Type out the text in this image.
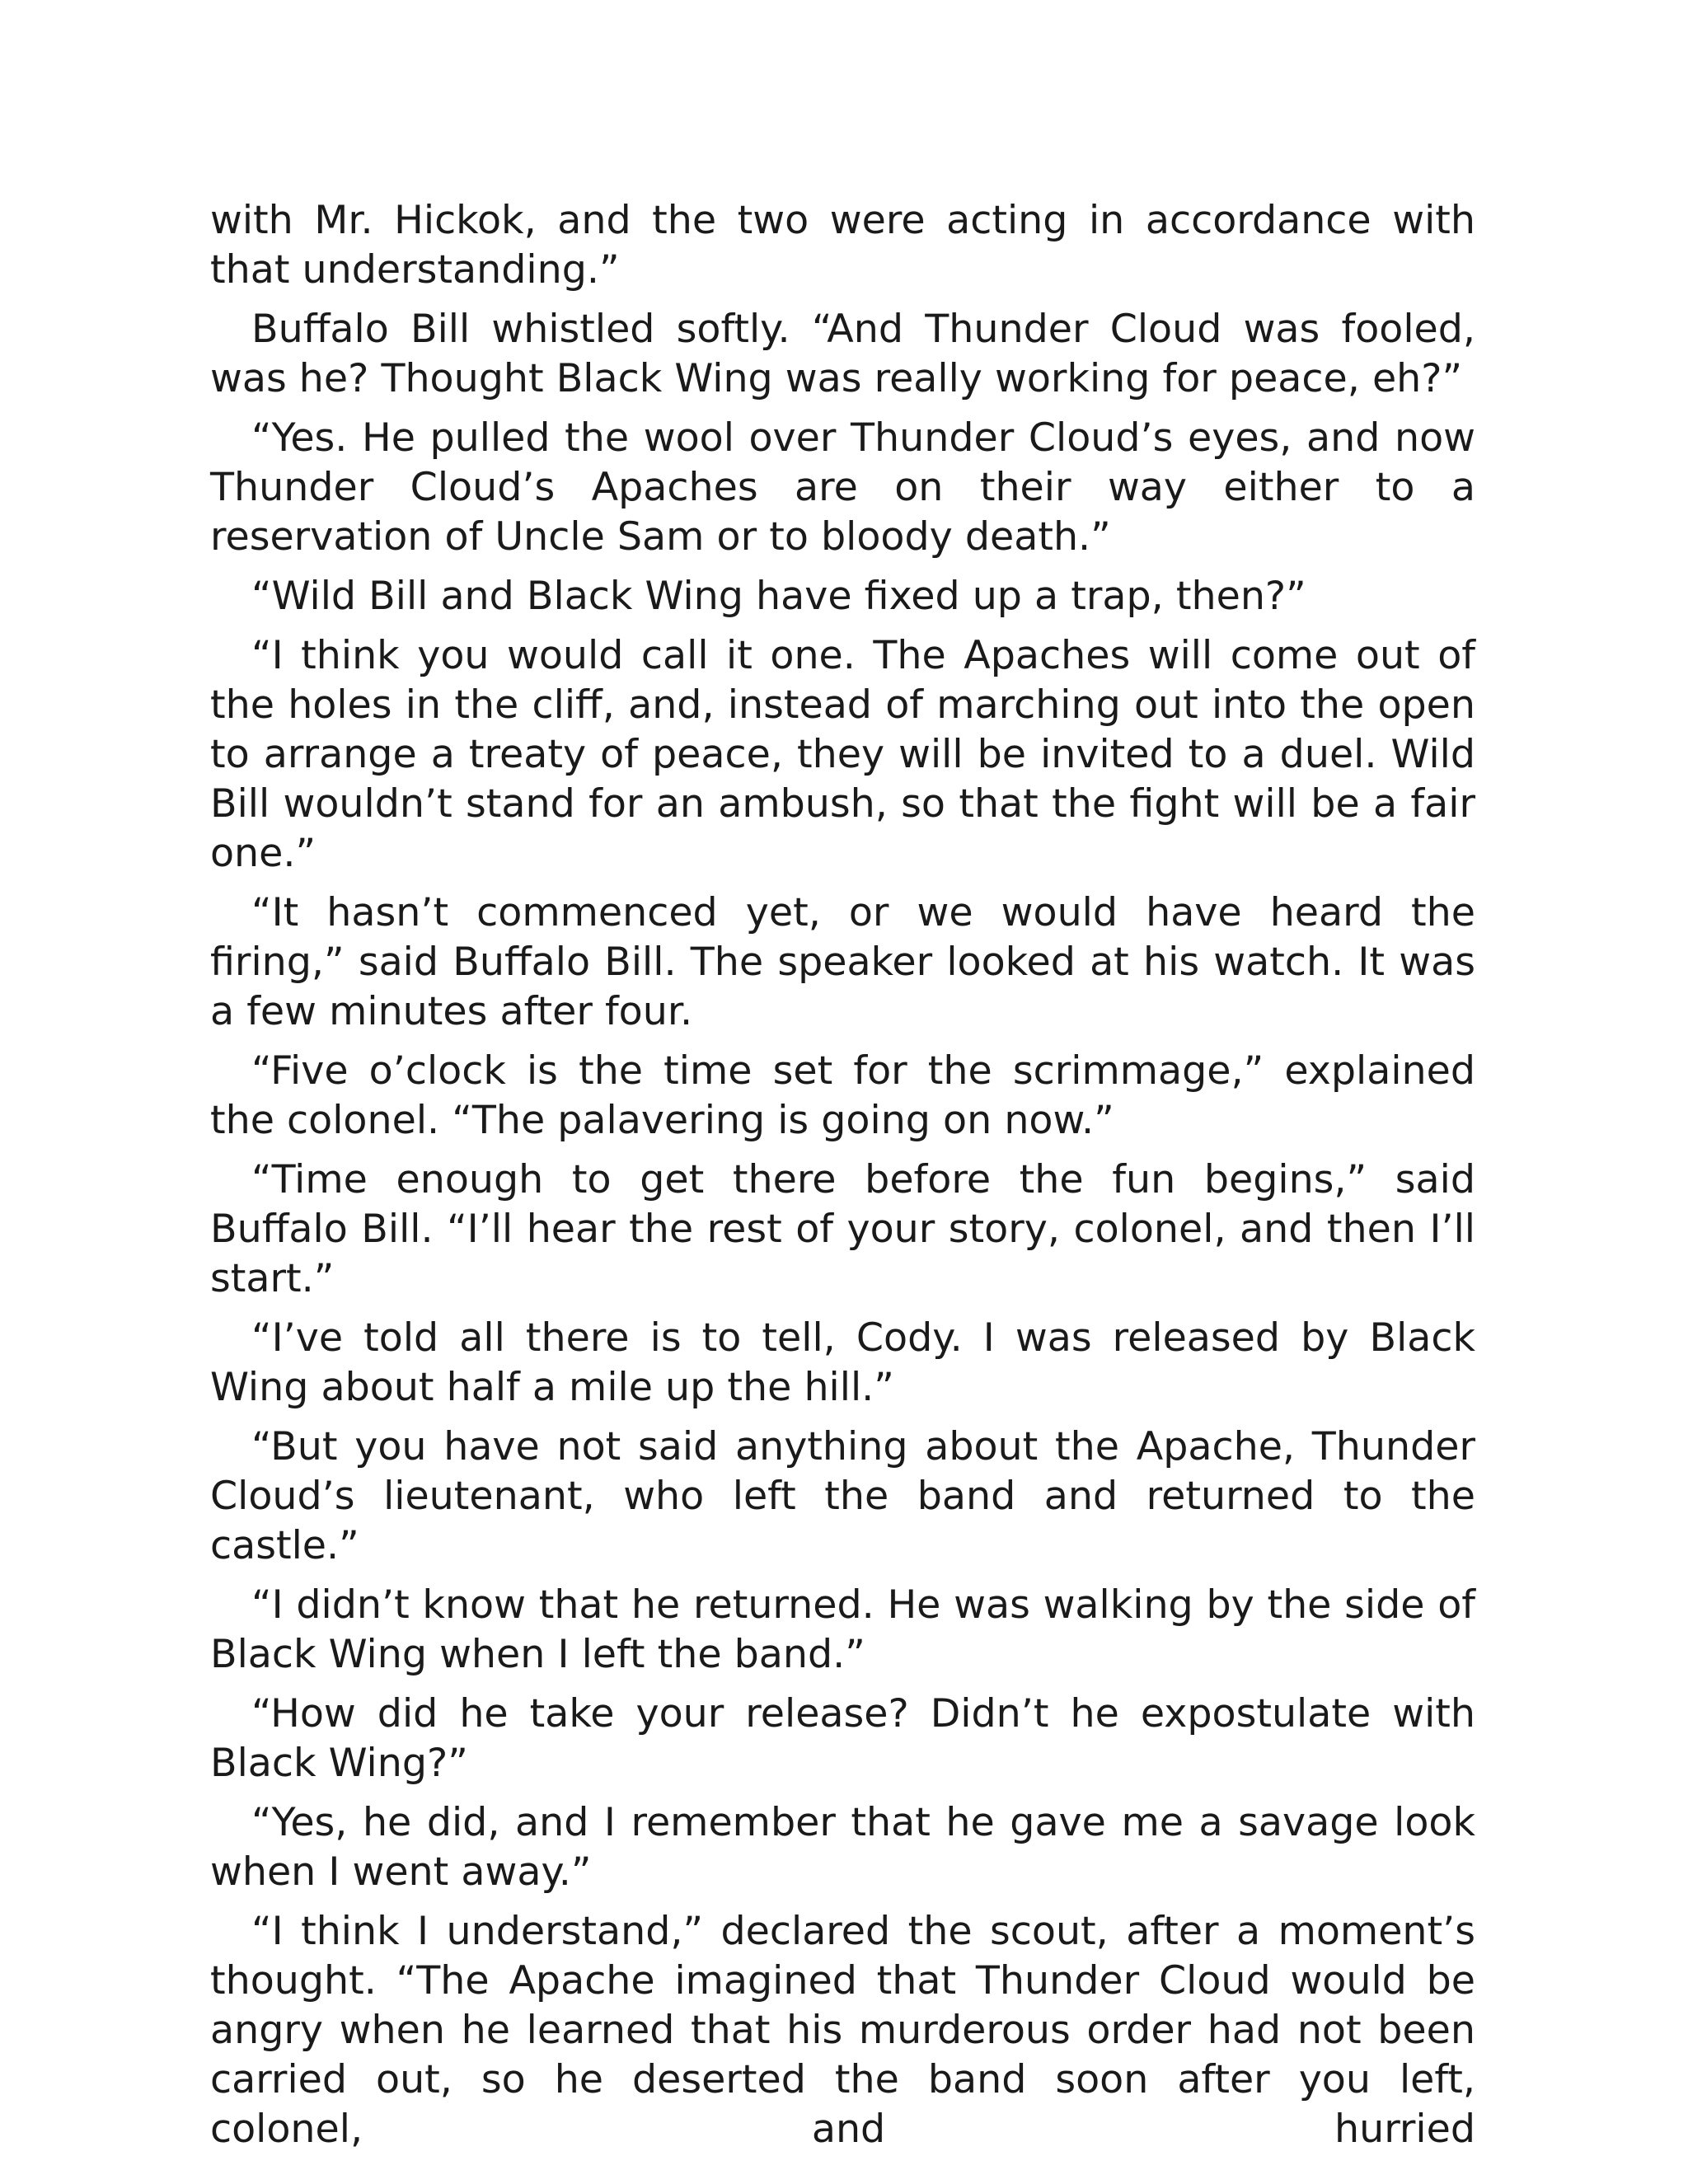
with Mr. Hickok, and the two were acting in accordance with that understanding.”

Buffalo Bill whistled softly. “And Thunder Cloud was fooled, was he? Thought Black Wing was really working for peace, eh?”

“Yes. He pulled the wool over Thunder Cloud’s eyes, and now Thunder Cloud’s Apaches are on their way either to a reservation of Uncle Sam or to bloody death.”

“Wild Bill and Black Wing have fixed up a trap, then?”

“I think you would call it one. The Apaches will come out of the holes in the cliff, and, instead of marching out into the open to arrange a treaty of peace, they will be invited to a duel. Wild Bill wouldn’t stand for an ambush, so that the fight will be a fair one.”

“It hasn’t commenced yet, or we would have heard the firing,” said Buffalo Bill. The speaker looked at his watch. It was a few minutes after four.

“Five o’clock is the time set for the scrimmage,” explained the colonel. “The palavering is going on now.”

“Time enough to get there before the fun begins,” said Buffalo Bill. “I’ll hear the rest of your story, colonel, and then I’ll start.”

“I’ve told all there is to tell, Cody. I was released by Black Wing about half a mile up the hill.”

“But you have not said anything about the Apache, Thunder Cloud’s lieutenant, who left the band and returned to the castle.”

“I didn’t know that he returned. He was walking by the side of Black Wing when I left the band.”

“How did he take your release? Didn’t he expostulate with Black Wing?”

“Yes, he did, and I remember that he gave me a savage look when I went away.”

“I think I understand,” declared the scout, after a moment’s thought. “The Apache imagined that Thunder Cloud would be angry when he learned that his murderous order had not been carried out, so he deserted the band soon after you left, colonel, and hurried
